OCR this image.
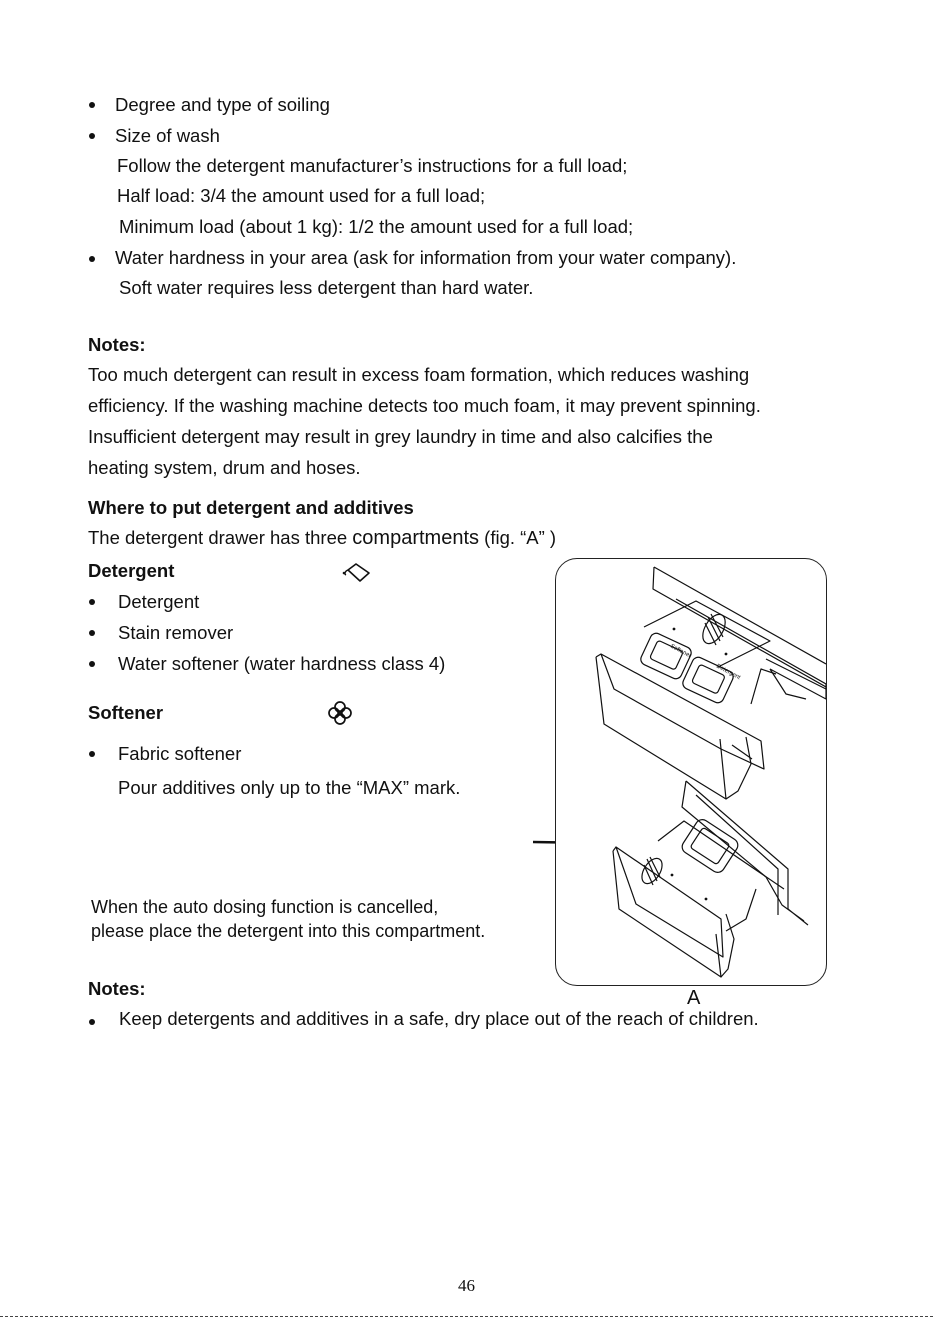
Degree and type of soiling
Size of wash
Follow the detergent manufacturer’s instructions for a full load;
Half load: 3/4 the amount used for a full load;
Minimum load (about 1 kg): 1/2 the amount used for a full load;
Water hardness in your area (ask for information from your water company).
Soft water requires less detergent than hard water.
Notes:
Too much detergent can result in excess foam formation, which reduces washing
efficiency. If the washing machine detects too much foam, it may prevent spinning.
Insufficient detergent may result in grey laundry in time and also calcifies the
heating system, drum and hoses.
Where to put detergent and additives
The detergent drawer has three compartments (fig. “A” )
Detergent
Detergent
Stain remover
Water softener (water hardness class 4)
Softener
Fabric softener
Pour additives only up to the “MAX” mark.
When the auto dosing function is cancelled,
please place the detergent into this compartment.
Softener
Detergent
A
Notes:
Keep detergents and additives in a safe, dry place out of the reach of children.
46
